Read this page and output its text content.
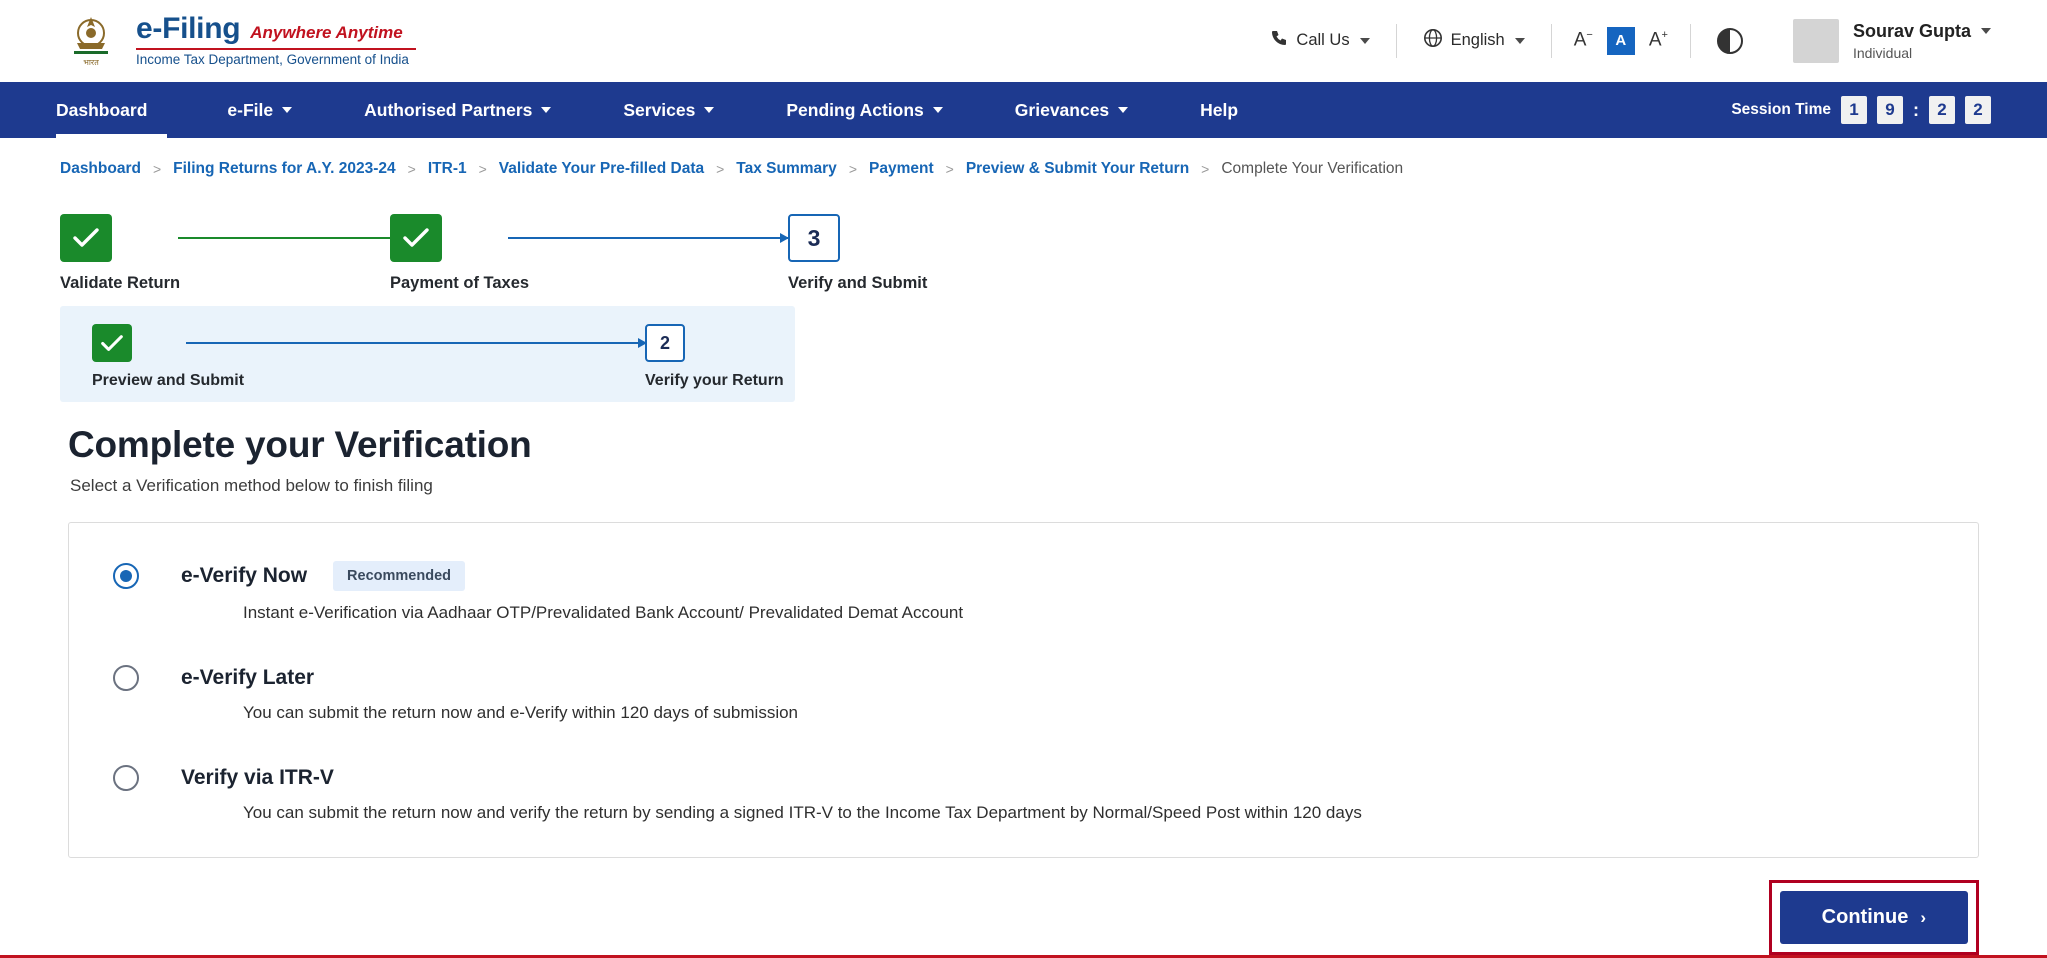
भारत
e-Filing Anywhere Anytime
Income Tax Department, Government of India
Call Us	English	A−	A	A+	Sourav Gupta
Individual
Dashboard	e-File	Authorised Partners	Services	Pending Actions	Grievances	Help	Session Time	1	9	:	2	2
Dashboard > Filing Returns for A.Y. 2023-24 > ITR-1 > Validate Your Pre-filled Data > Tax Summary > Payment > Preview & Submit Your Return > Complete Your Verification
Validate Return	Payment of Taxes
3
Verify and Submit
Preview and Submit
2
Verify your Return
Complete your Verification
Select a Verification method below to finish filing
e-Verify Now	Recommended
Instant e-Verification via Aadhaar OTP/Prevalidated Bank Account/ Prevalidated Demat Account
e-Verify Later
You can submit the return now and e-Verify within 120 days of submission
Verify via ITR-V
You can submit the return now and verify the return by sending a signed ITR-V to the Income Tax Department by Normal/Speed Post within 120 days
Continue ›
